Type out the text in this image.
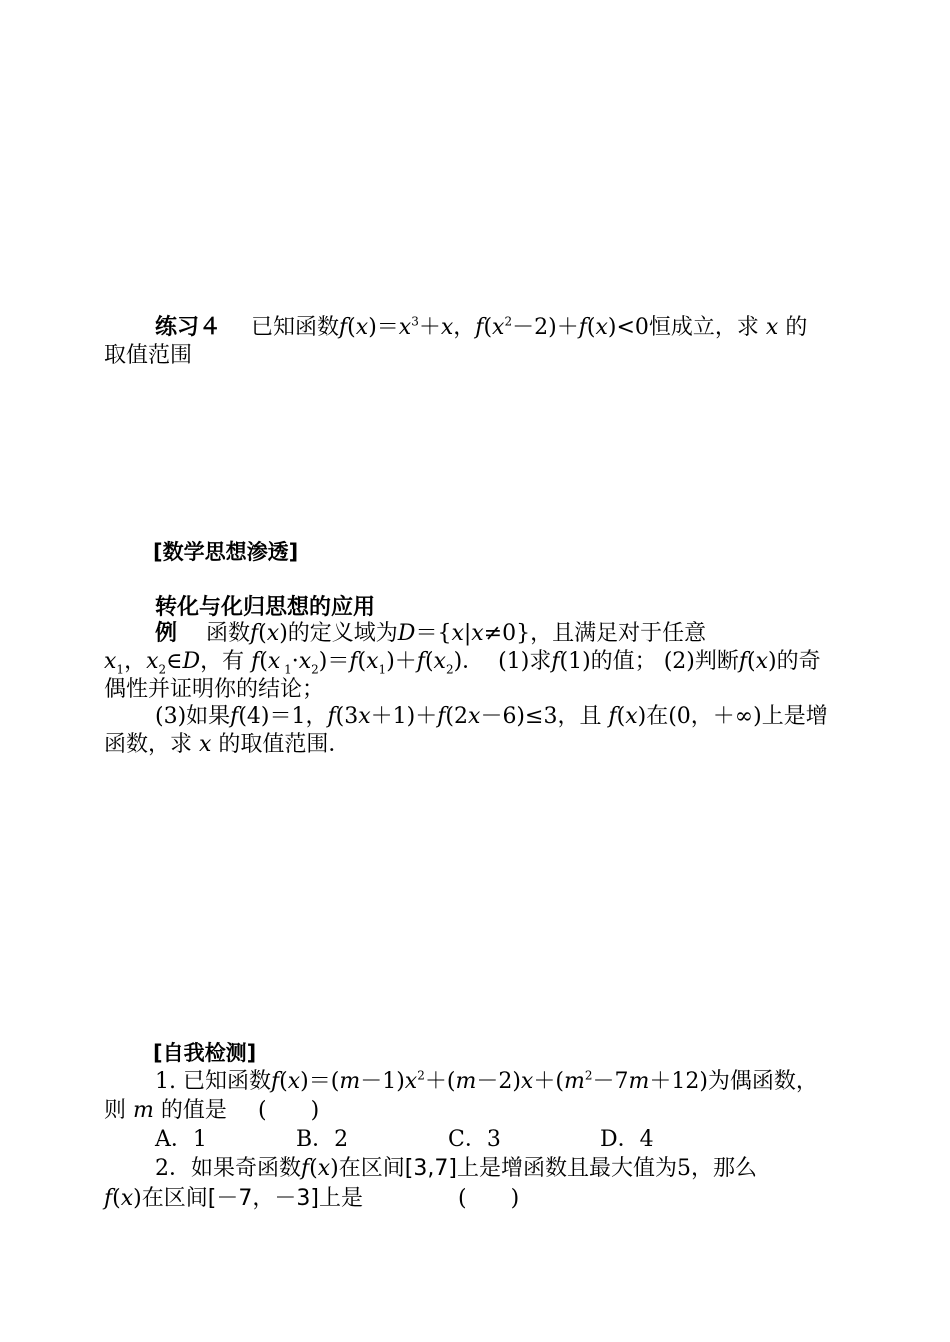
练习４ 已知函数$f(x)=x^3+x$，$f(x^2-2)+f(x)<0$恒成立，求 x 的
取值范围
[数学思想渗透]
转化与化归思想的应用
例 函数f(x)的定义域为D＝{x|x≠0}，且满足对于任意
$x_1$，$x_2\in D$，有 f(x $_1\cdot x_2)=f(x_1)+f(x_2)$．  (1)求f(1)的值； (2)判断f(x)的奇
偶性并证明你的结论；
(3)如果f(4)＝1，f(3x＋1)＋f(2x－6)≤3，且 f(x)在(0，＋∞)上是增
函数，求 x 的取值范围．
[自我检测]
1. 已知函数$f(x)=(m-1)x^2+(m-2)x+(m^2-7m+12)$为偶函数，
则 m 的值是 (　　)
A．1	B．2	C．3	D．4
2．如果奇函数f(x)在区间[3,7]上是增函数且最大值为5，那么
f(x)在区间[－7，－3]上是	(　　)
